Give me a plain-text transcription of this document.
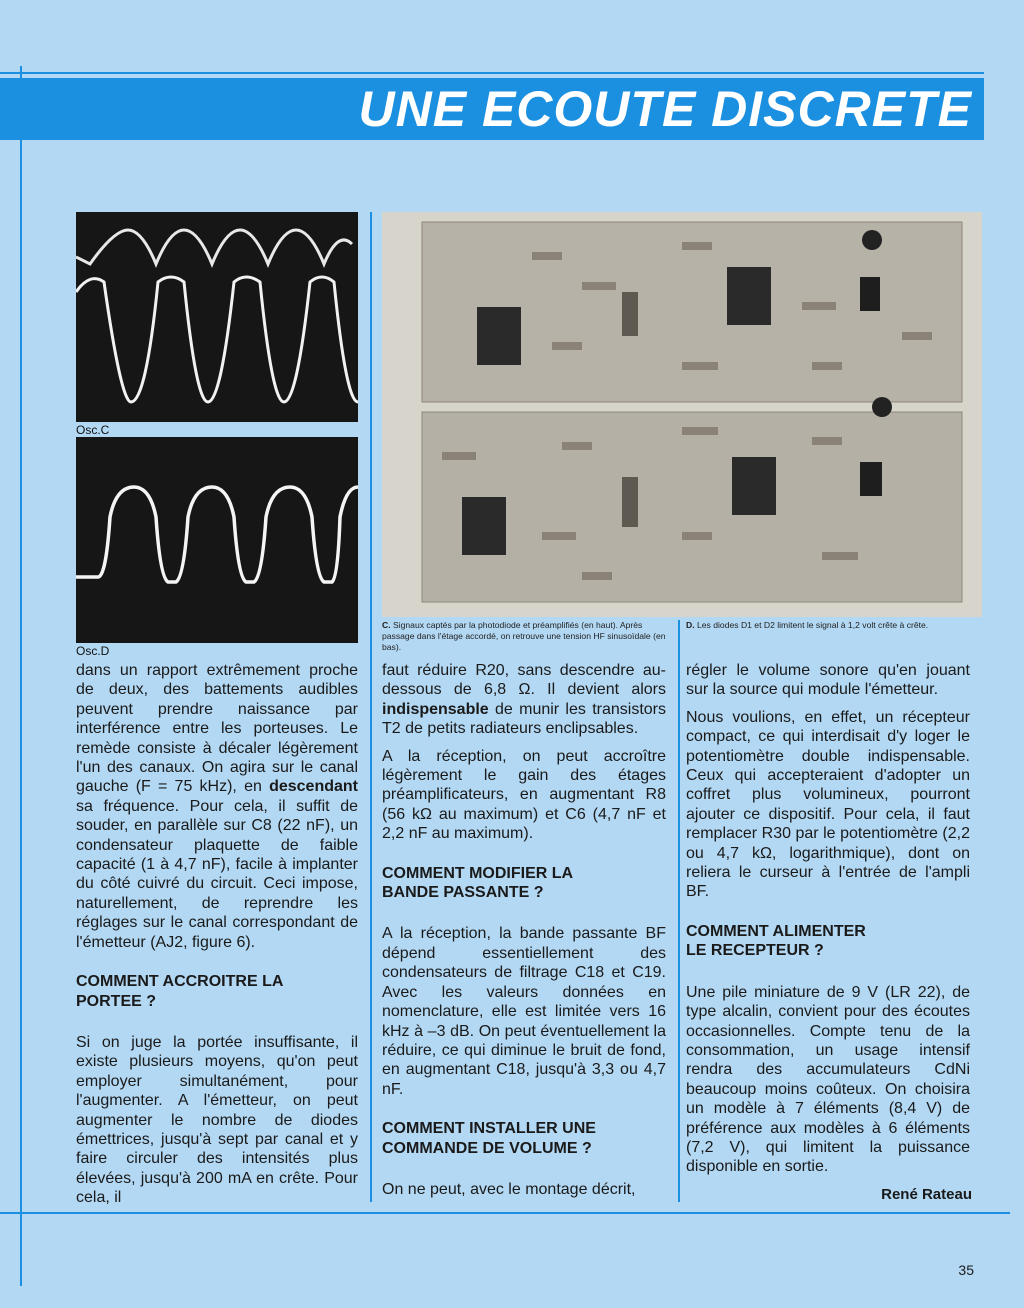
UNE ECOUTE DISCRETE
Osc.C
Osc.D
C. Signaux captés par la photodiode et préamplifiés (en haut). Après passage dans l'étage accordé, on retrouve une tension HF sinusoïdale (en bas).
D. Les diodes D1 et D2 limitent le signal à 1,2 volt crête à crête.

dans un rapport extrêmement proche de deux, des battements audibles peuvent prendre naissance par interférence entre les porteuses. Le remède consiste à décaler légèrement l'un des canaux. On agira sur le canal gauche (F = 75 kHz), en descendant sa fréquence. Pour cela, il suffit de souder, en parallèle sur C8 (22 nF), un condensateur plaquette de faible capacité (1 à 4,7 nF), facile à implanter du côté cuivré du circuit. Ceci impose, naturellement, de reprendre les réglages sur le canal correspondant de l'émetteur (AJ2, figure 6).

COMMENT ACCROITRE LA
PORTEE ?

Si on juge la portée insuffisante, il existe plusieurs moyens, qu'on peut employer simultanément, pour l'augmenter. A l'émetteur, on peut augmenter le nombre de diodes émettrices, jusqu'à sept par canal et y faire circuler des intensités plus élevées, jusqu'à 200 mA en crête. Pour cela, il

faut réduire R20, sans descendre au-dessous de 6,8 Ω. Il devient alors indispensable de munir les transistors T2 de petits radiateurs enclipsables.

A la réception, on peut accroître légèrement le gain des étages préamplificateurs, en augmentant R8 (56 kΩ au maximum) et C6 (4,7 nF et 2,2 nF au maximum).

COMMENT MODIFIER LA
BANDE PASSANTE ?

A la réception, la bande passante BF dépend essentiellement des condensateurs de filtrage C18 et C19. Avec les valeurs données en nomenclature, elle est limitée vers 16 kHz à –3 dB. On peut éventuellement la réduire, ce qui diminue le bruit de fond, en augmentant C18, jusqu'à 3,3 ou 4,7 nF.

COMMENT INSTALLER UNE
COMMANDE DE VOLUME ?

On ne peut, avec le montage décrit,

régler le volume sonore qu'en jouant sur la source qui module l'émetteur.

Nous voulions, en effet, un récepteur compact, ce qui interdisait d'y loger le potentiomètre double indispensable. Ceux qui accepteraient d'adopter un coffret plus volumineux, pourront ajouter ce dispositif. Pour cela, il faut remplacer R30 par le potentiomètre (2,2 ou 4,7 kΩ, logarithmique), dont on reliera le curseur à l'entrée de l'ampli BF.

COMMENT ALIMENTER
LE RECEPTEUR ?

Une pile miniature de 9 V (LR 22), de type alcalin, convient pour des écoutes occasionnelles. Compte tenu de la consommation, un usage intensif rendra des accumulateurs CdNi beaucoup moins coûteux. On choisira un modèle à 7 éléments (8,4 V) de préférence aux modèles à 6 éléments (7,2 V), qui limitent la puissance disponible en sortie.

René Rateau
35
